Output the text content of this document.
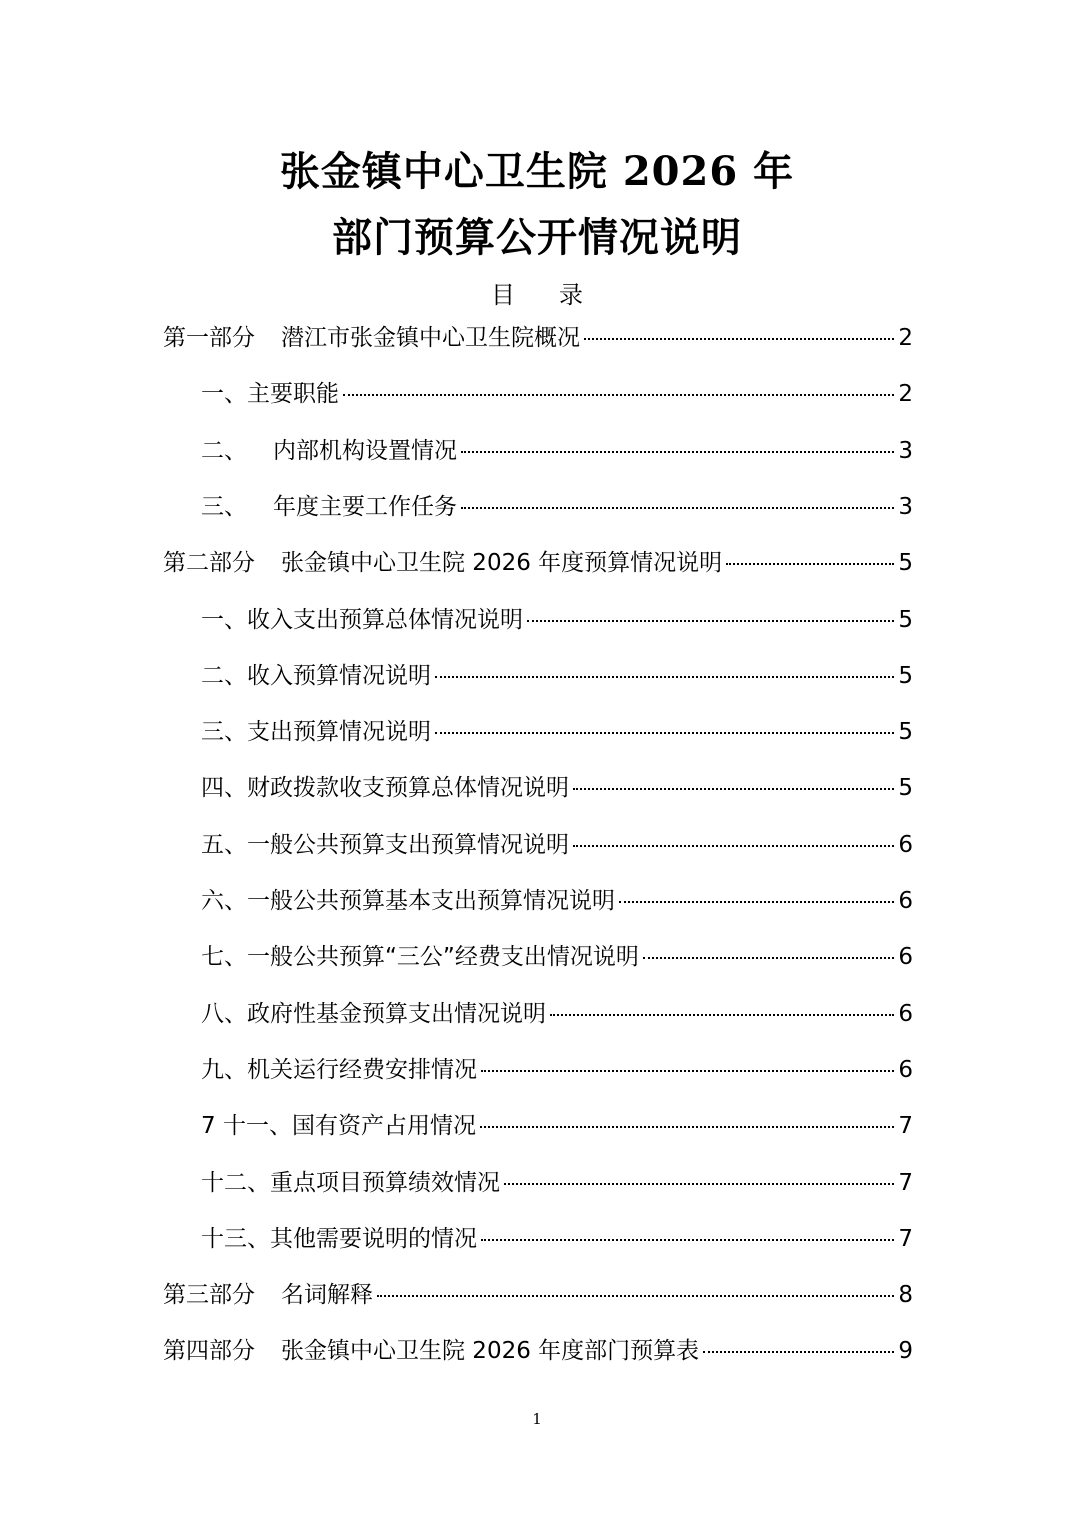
张金镇中心卫生院 2026 年
部门预算公开情况说明
目 录
第一部分 潜江市张金镇中心卫生院概况	2
一、主要职能	2
二、 内部机构设置情况	3
三、 年度主要工作任务	3
第二部分 张金镇中心卫生院 2026 年度预算情况说明	5
一、收入支出预算总体情况说明	5
二、收入预算情况说明	5
三、支出预算情况说明	5
四、财政拨款收支预算总体情况说明	5
五、一般公共预算支出预算情况说明	6
六、一般公共预算基本支出预算情况说明	6
七、一般公共预算“三公”经费支出情况说明	6
八、政府性基金预算支出情况说明	6
九、机关运行经费安排情况	6
7 十一、国有资产占用情况	7
十二、重点项目预算绩效情况	7
十三、其他需要说明的情况	7
第三部分 名词解释	8
第四部分 张金镇中心卫生院 2026 年度部门预算表	9
1
